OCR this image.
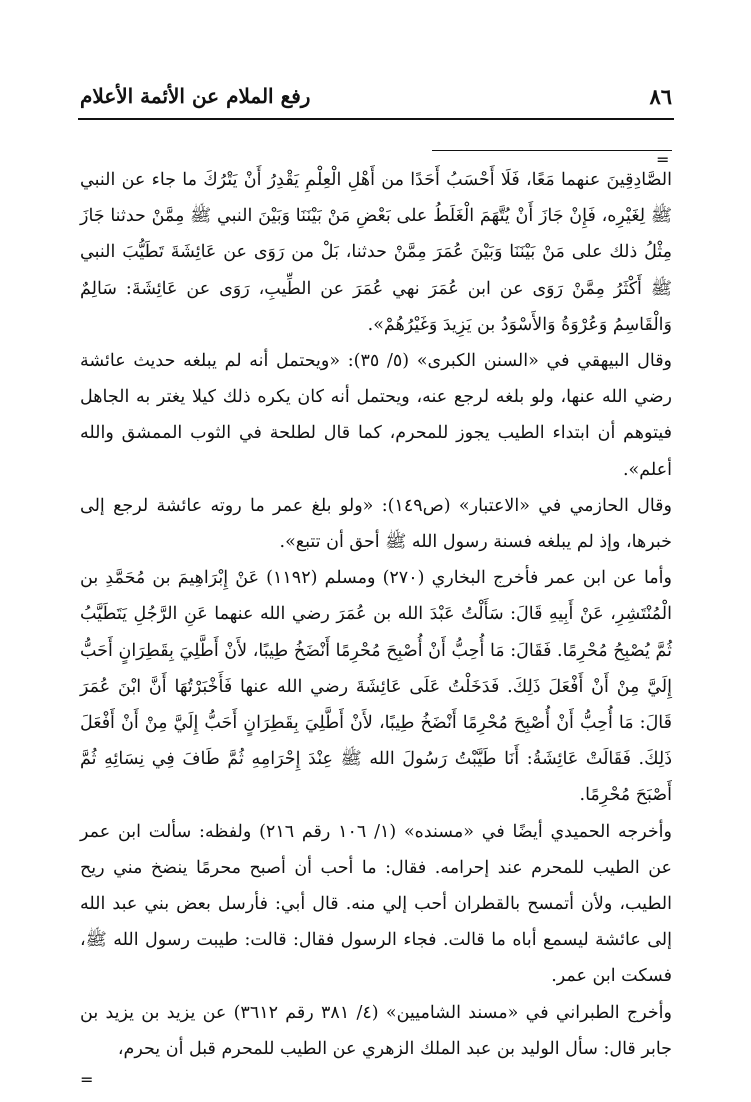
٨٦
رفع الملام عن الأئمة الأعلام
=

الصَّادِقِينَ عنهما مَعًا، فَلَا أَحْسَبُ أَحَدًا من أَهْلِ الْعِلْمِ يَقْدِرُ أَنْ يَتْرُكَ ما جاء عن النبي ﷺ لِغَيْرِه، فَإِنْ جَازَ أَنْ يُتَّهَمَ الْغَلَطُ على بَعْضِ مَنْ بَيْنَنَا وَبَيْنَ النبي ﷺ مِمَّنْ حدثنا جَازَ مِثْلُ ذلك على مَنْ بَيْنَنَا وَبَيْنَ عُمَرَ مِمَّنْ حدثنا، بَلْ من رَوَى عن عَائِشَةَ تَطَيُّبَ النبي ﷺ أَكْثَرُ مِمَّنْ رَوَى عن ابن عُمَرَ نهي عُمَرَ عن الطِّيبِ، رَوَى عن عَائِشَةَ: سَالِمٌ وَالْقَاسِمُ وَعُرْوَةُ وَالأَسْوَدُ بن يَزِيدَ وَغَيْرُهُمْ».

وقال البيهقي في «السنن الكبرى» (٥/ ٣٥): «ويحتمل أنه لم يبلغه حديث عائشة رضي الله عنها، ولو بلغه لرجع عنه، ويحتمل أنه كان يكره ذلك كيلا يغتر به الجاهل فيتوهم أن ابتداء الطيب يجوز للمحرم، كما قال لطلحة في الثوب الممشق والله أعلم».

وقال الحازمي في «الاعتبار» (ص١٤٩): «ولو بلغ عمر ما روته عائشة لرجع إلى خبرها، وإذ لم يبلغه فسنة رسول الله ﷺ أحق أن تتبع».

وأما عن ابن عمر فأخرج البخاري (٢٧٠) ومسلم (١١٩٢) عَنْ إِبْرَاهِيمَ بن مُحَمَّدِ بن الْمُنْتَشِرِ، عَنْ أَبِيهِ قَالَ: سَأَلْتُ عَبْدَ الله بن عُمَرَ رضي الله عنهما عَنِ الرَّجُلِ يَتَطَيَّبُ ثُمَّ يُصْبِحُ مُحْرِمًا. فَقَالَ: مَا أُحِبُّ أَنْ أُصْبِحَ مُحْرِمًا أَنْضَخُ طِيبًا، لأَنْ أَطَّلِيَ بِقَطِرَانٍ أَحَبُّ إِلَيَّ مِنْ أَنْ أَفْعَلَ ذَلِكَ. فَدَخَلْتُ عَلَى عَائِشَةَ رضي الله عنها فَأَخْبَرْتُهَا أَنَّ ابْنَ عُمَرَ قَالَ: مَا أُحِبُّ أَنْ أُصْبِحَ مُحْرِمًا أَنْضَخُ طِيبًا، لأَنْ أَطَّلِيَ بِقَطِرَانٍ أَحَبُّ إِلَيَّ مِنْ أَنْ أَفْعَلَ ذَلِكَ. فَقَالَتْ عَائِشَةُ: أَنَا طَيَّبْتُ رَسُولَ الله ﷺ عِنْدَ إِحْرَامِهِ ثُمَّ طَافَ فِي نِسَائِهِ ثُمَّ أَصْبَحَ مُحْرِمًا.

وأخرجه الحميدي أيضًا في «مسنده» (١/ ١٠٦ رقم ٢١٦) ولفظه: سألت ابن عمر عن الطيب للمحرم عند إحرامه. فقال: ما أحب أن أصبح محرمًا ينضخ مني ريح الطيب، ولأن أتمسح بالقطران أحب إلي منه. قال أبي: فأرسل بعض بني عبد الله إلى عائشة ليسمع أباه ما قالت. فجاء الرسول فقال: قالت: طيبت رسول الله ﷺ، فسكت ابن عمر.

وأخرج الطبراني في «مسند الشاميين» (٤/ ٣٨١ رقم ٣٦١٢) عن يزيد بن يزيد بن جابر قال: سأل الوليد بن عبد الملك الزهري عن الطيب للمحرم قبل أن يحرم،

=
